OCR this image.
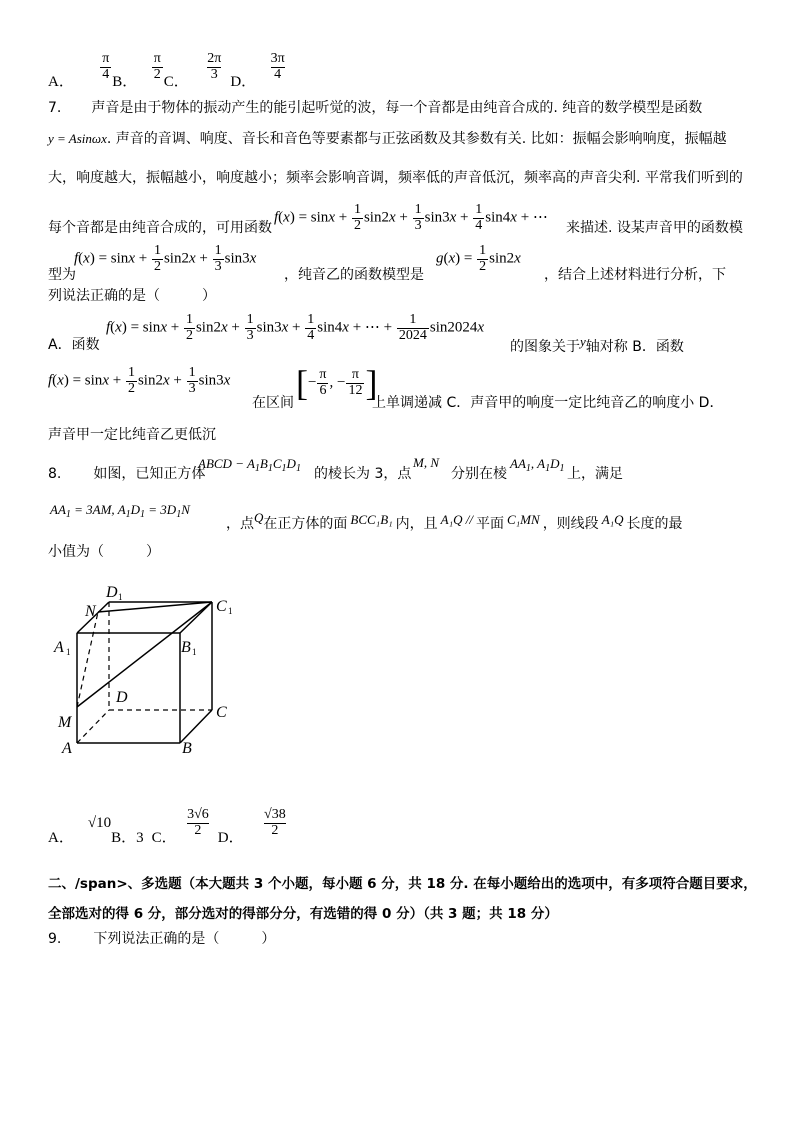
A． $\frac{\pi}{4}$ B． $\frac{\pi}{2}$ C． $\frac{2\pi}{3}$ D． $\frac{3\pi}{4}$
7. 声音是由于物体的振动产生的能引起听觉的波，每一个音都是由纯音合成的. 纯音的数学模型是函数
y = Asinωx. 声音的音调、响度、音长和音色等要素都与正弦函数及其参数有关. 比如：振幅会影响响度，振幅越
大，响度越大，振幅越小，响度越小；频率会影响音调，频率低的声音低沉，频率高的声音尖利. 平常我们听到的
每个音都是由纯音合成的，可用函数
$f(x) = \sin x + \frac{1}{2} \sin 2x + \frac{1}{3} \sin 3x + \frac{1}{4} \sin 4x$ + ⋯
来描述. 设某声音甲的函数模
型为
$f(x) = \sin x + \frac{1}{2} \sin 2x + \frac{1}{3} \sin 3x$
，纯音乙的函数模型是
$g(x) = \frac{1}{2} \sin 2x$
，结合上述材料进行分析，下
列说法正确的是（　　　）
A．函数
$f(x) = \sin x + \frac{1}{2} \sin 2x + \frac{1}{3} \sin 3x + \frac{1}{4} \sin 4x$ + ⋯ + $\frac{1}{2024} \sin 2024x$
的图象关于y轴对称 B．函数
$f(x) = \sin x + \frac{1}{2} \sin 2x + \frac{1}{3} \sin 3x$
在区间 [− $\frac{\pi}{6}$ , − $\frac{\pi}{12}$ ]
上单调递减 C．声音甲的响度一定比纯音乙的响度小 D．
声音甲一定比纯音乙更低沉
8. 如图，已知正方体
ABCD − $A_1B_1C_1D_1$ 的棱长为 3，点
M, N
分别在棱
$AA_1$, $A_1D_1$ 上，满足
$AA_1 = 3AM$, $A_1D_1 = 3D_1N$
，点Q在正方体的面 BCC₁B₁ 内，且 A₁Q // 平面 C₁MN ，则线段 A₁Q 长度的最
小值为（　　　）
D 1
N	C 1
A 1	B 1
D
C
M
A	B
A．√10B．3 C． $\frac{3√6}{2}$ D． $\frac{√38}{2}$
二、/span>、多选题（本大题共 3 个小题，每小题 6 分，共 18 分. 在每小题给出的选项中，有多项符合题目要求，
全部选对的得 6 分，部分选对的得部分分，有选错的得 0 分）（共 3 题；共 18 分）
9. 下列说法正确的是（　　　）
